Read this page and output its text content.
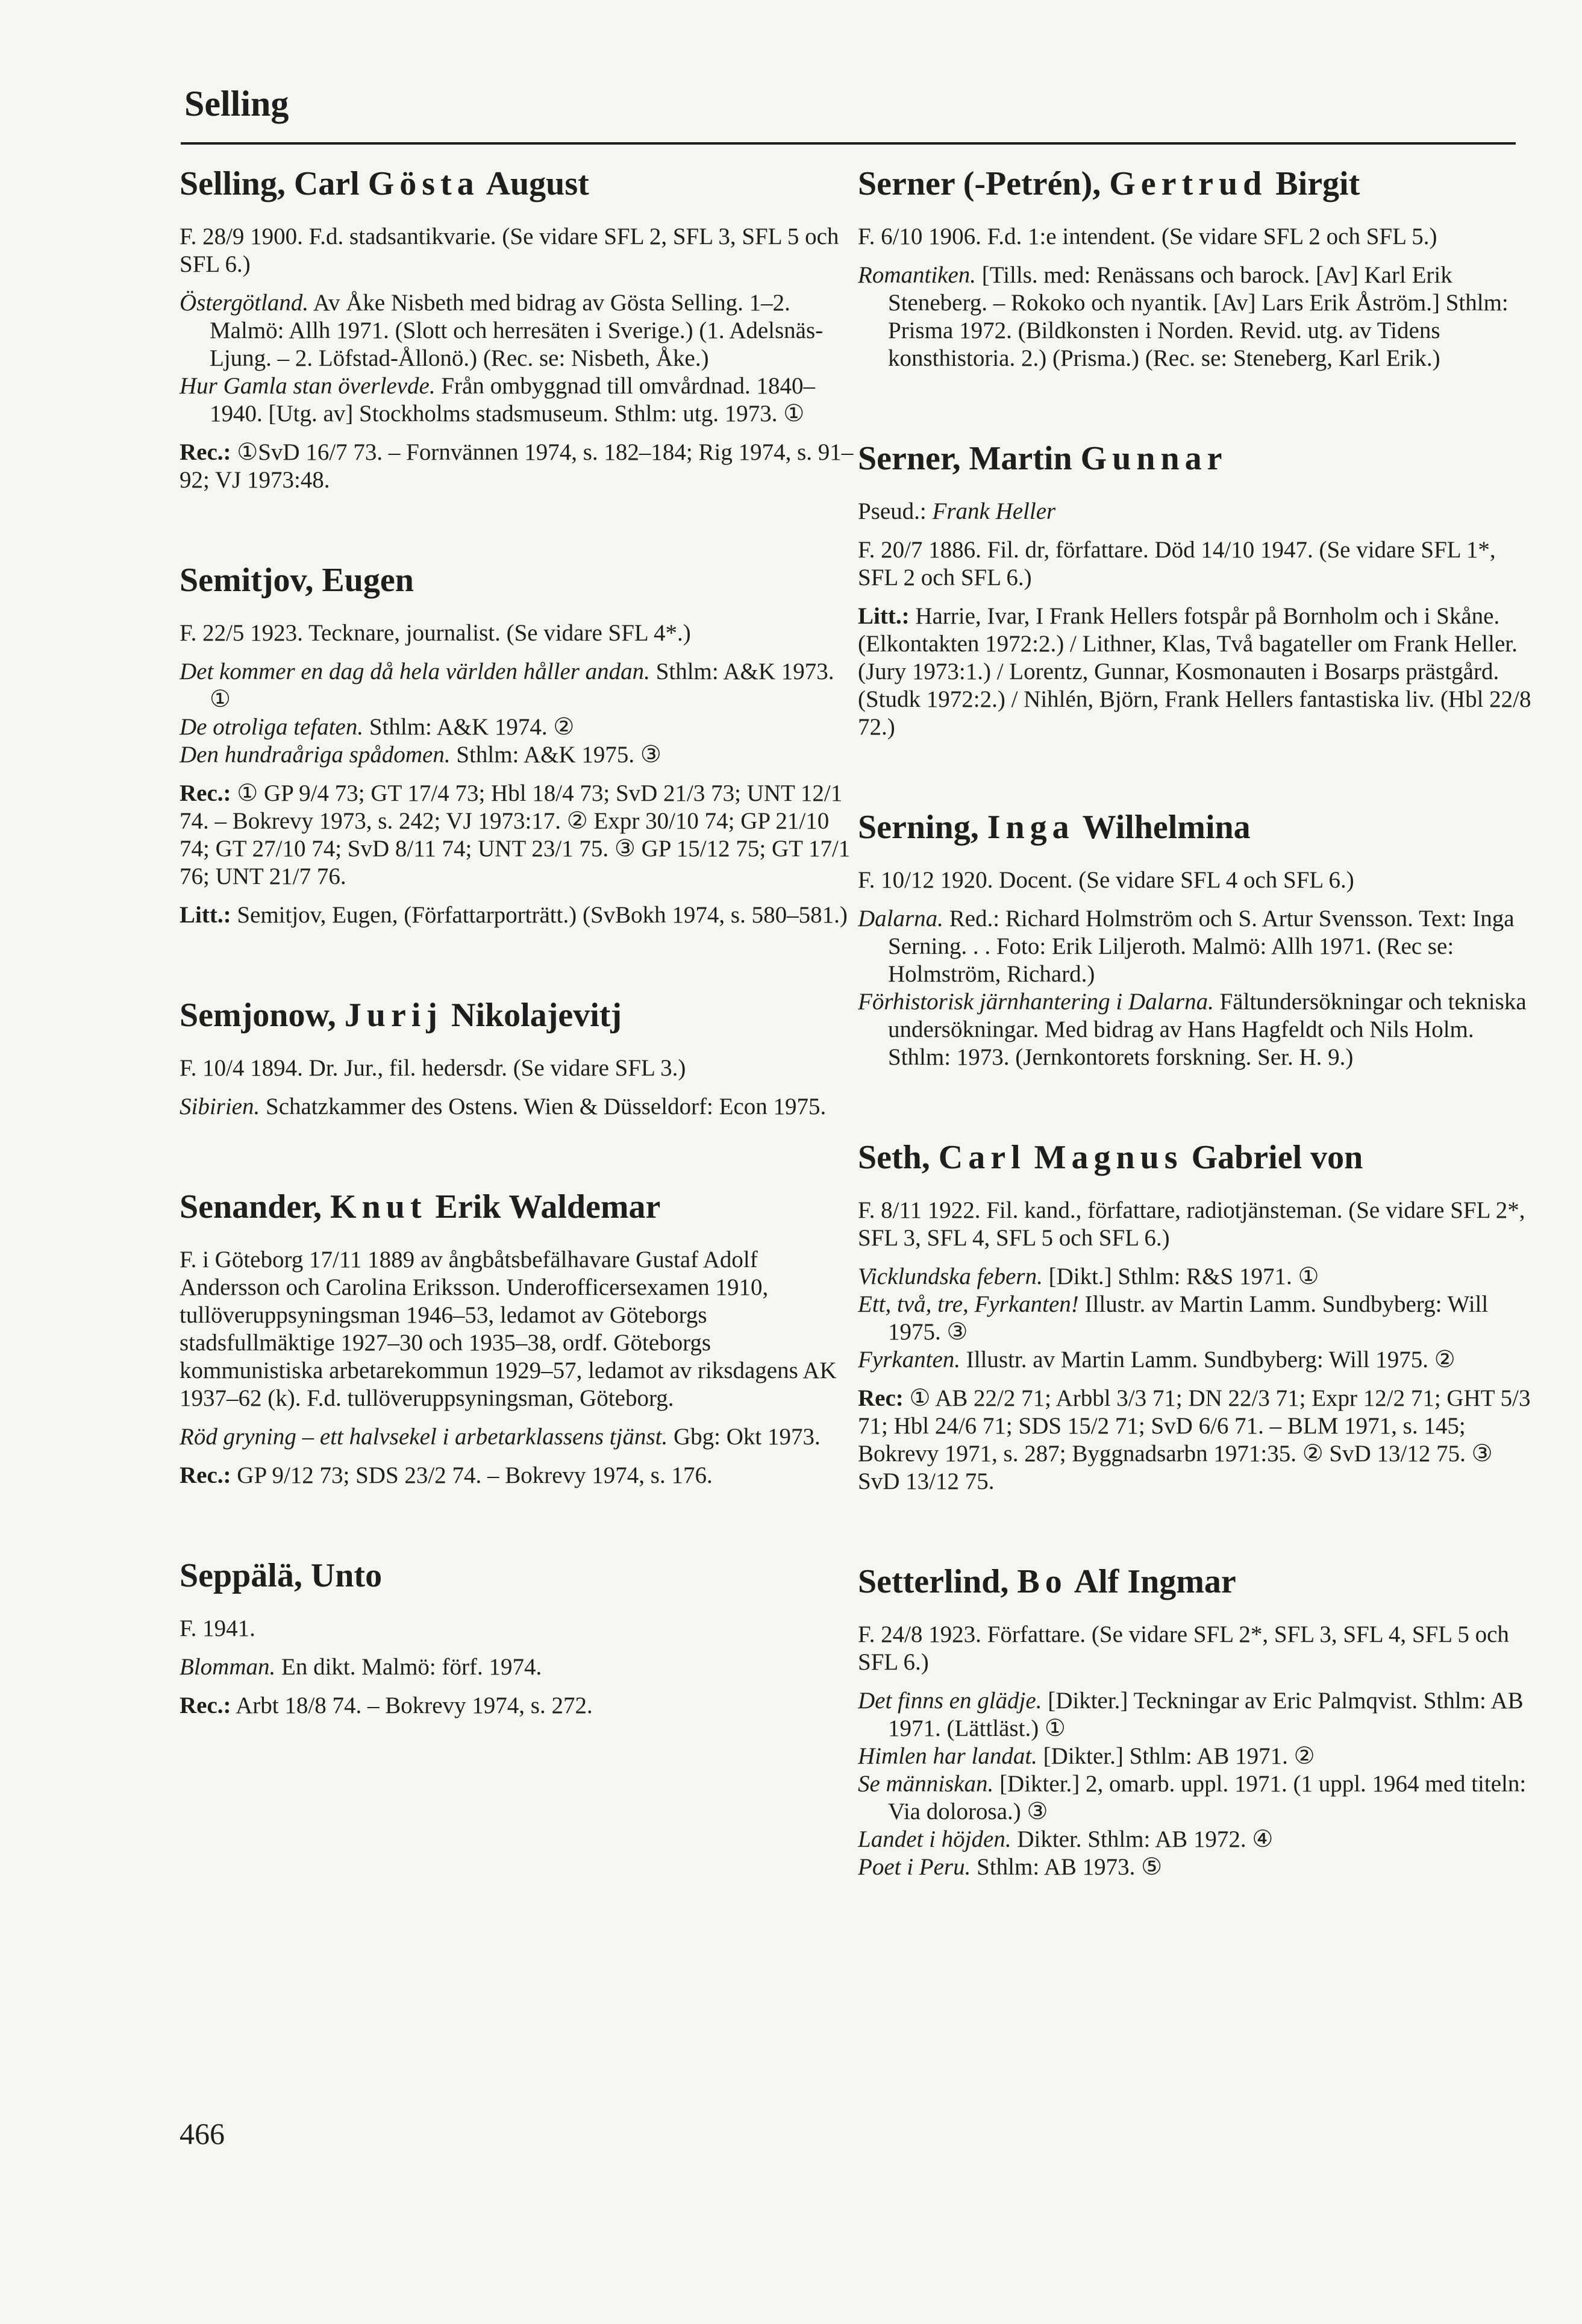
Selling
Selling, Carl Gösta August

F. 28/9 1900. F.d. stadsantikvarie. (Se vidare SFL 2, SFL 3, SFL 5 och SFL 6.)

Östergötland. Av Åke Nisbeth med bidrag av Gösta Selling. 1–2. Malmö: Allh 1971. (Slott och herresäten i Sverige.) (1. Adelsnäs-Ljung. – 2. Löfstad-Ållonö.) (Rec. se: Nisbeth, Åke.)

Hur Gamla stan överlevde. Från ombyggnad till omvårdnad. 1840–1940. [Utg. av] Stockholms stadsmuseum. Sthlm: utg. 1973. ①

Rec.: ①SvD 16/7 73. – Fornvännen 1974, s. 182–184; Rig 1974, s. 91–92; VJ 1973:48.

Semitjov, Eugen

F. 22/5 1923. Tecknare, journalist. (Se vidare SFL 4*.)

Det kommer en dag då hela världen håller andan. Sthlm: A&K 1973. ①

De otroliga tefaten. Sthlm: A&K 1974. ②

Den hundraåriga spådomen. Sthlm: A&K 1975. ③

Rec.: ① GP 9/4 73; GT 17/4 73; Hbl 18/4 73; SvD 21/3 73; UNT 12/1 74. – Bokrevy 1973, s. 242; VJ 1973:17. ② Expr 30/10 74; GP 21/10 74; GT 27/10 74; SvD 8/11 74; UNT 23/1 75. ③ GP 15/12 75; GT 17/1 76; UNT 21/7 76.

Litt.: Semitjov, Eugen, (Författarporträtt.) (SvBokh 1974, s. 580–581.)

Semjonow, Jurij Nikolajevitj

F. 10/4 1894. Dr. Jur., fil. hedersdr. (Se vidare SFL 3.)

Sibirien. Schatzkammer des Ostens. Wien & Düsseldorf: Econ 1975.

Senander, Knut Erik Waldemar

F. i Göteborg 17/11 1889 av ångbåtsbefälhavare Gustaf Adolf Andersson och Carolina Eriksson. Underofficersexamen 1910, tullöveruppsyningsman 1946–53, ledamot av Göteborgs stadsfullmäktige 1927–30 och 1935–38, ordf. Göteborgs kommunistiska arbetarekommun 1929–57, ledamot av riksdagens AK 1937–62 (k). F.d. tullöveruppsyningsman, Göteborg.

Röd gryning – ett halvsekel i arbetarklassens tjänst. Gbg: Okt 1973.

Rec.: GP 9/12 73; SDS 23/2 74. – Bokrevy 1974, s. 176.

Seppälä, Unto

F. 1941.

Blomman. En dikt. Malmö: förf. 1974.

Rec.: Arbt 18/8 74. – Bokrevy 1974, s. 272.

Serner (-Petrén), Gertrud Birgit

F. 6/10 1906. F.d. 1:e intendent. (Se vidare SFL 2 och SFL 5.)

Romantiken. [Tills. med: Renässans och barock. [Av] Karl Erik Steneberg. – Rokoko och nyantik. [Av] Lars Erik Åström.] Sthlm: Prisma 1972. (Bildkonsten i Norden. Revid. utg. av Tidens konsthistoria. 2.) (Prisma.) (Rec. se: Steneberg, Karl Erik.)

Serner, Martin Gunnar

Pseud.: Frank Heller

F. 20/7 1886. Fil. dr, författare. Död 14/10 1947. (Se vidare SFL 1*, SFL 2 och SFL 6.)

Litt.: Harrie, Ivar, I Frank Hellers fotspår på Bornholm och i Skåne. (Elkontakten 1972:2.) / Lithner, Klas, Två bagateller om Frank Heller. (Jury 1973:1.) / Lorentz, Gunnar, Kosmonauten i Bosarps prästgård. (Studk 1972:2.) / Nihlén, Björn, Frank Hellers fantastiska liv. (Hbl 22/8 72.)

Serning, Inga Wilhelmina

F. 10/12 1920. Docent. (Se vidare SFL 4 och SFL 6.)

Dalarna. Red.: Richard Holmström och S. Artur Svensson. Text: Inga Serning. . . Foto: Erik Liljeroth. Malmö: Allh 1971. (Rec se: Holmström, Richard.)

Förhistorisk järnhantering i Dalarna. Fältundersökningar och tekniska undersökningar. Med bidrag av Hans Hagfeldt och Nils Holm. Sthlm: 1973. (Jernkontorets forskning. Ser. H. 9.)

Seth, Carl Magnus Gabriel von

F. 8/11 1922. Fil. kand., författare, radiotjänsteman. (Se vidare SFL 2*, SFL 3, SFL 4, SFL 5 och SFL 6.)

Vicklundska febern. [Dikt.] Sthlm: R&S 1971. ①

Ett, två, tre, Fyrkanten! Illustr. av Martin Lamm. Sundbyberg: Will 1975. ③

Fyrkanten. Illustr. av Martin Lamm. Sundbyberg: Will 1975. ②

Rec: ① AB 22/2 71; Arbbl 3/3 71; DN 22/3 71; Expr 12/2 71; GHT 5/3 71; Hbl 24/6 71; SDS 15/2 71; SvD 6/6 71. – BLM 1971, s. 145; Bokrevy 1971, s. 287; Byggnadsarbn 1971:35. ② SvD 13/12 75. ③ SvD 13/12 75.

Setterlind, Bo Alf Ingmar

F. 24/8 1923. Författare. (Se vidare SFL 2*, SFL 3, SFL 4, SFL 5 och SFL 6.)

Det finns en glädje. [Dikter.] Teckningar av Eric Palmqvist. Sthlm: AB 1971. (Lättläst.) ①

Himlen har landat. [Dikter.] Sthlm: AB 1971. ②

Se människan. [Dikter.] 2, omarb. uppl. 1971. (1 uppl. 1964 med titeln: Via dolorosa.) ③

Landet i höjden. Dikter. Sthlm: AB 1972. ④

Poet i Peru. Sthlm: AB 1973. ⑤

466
